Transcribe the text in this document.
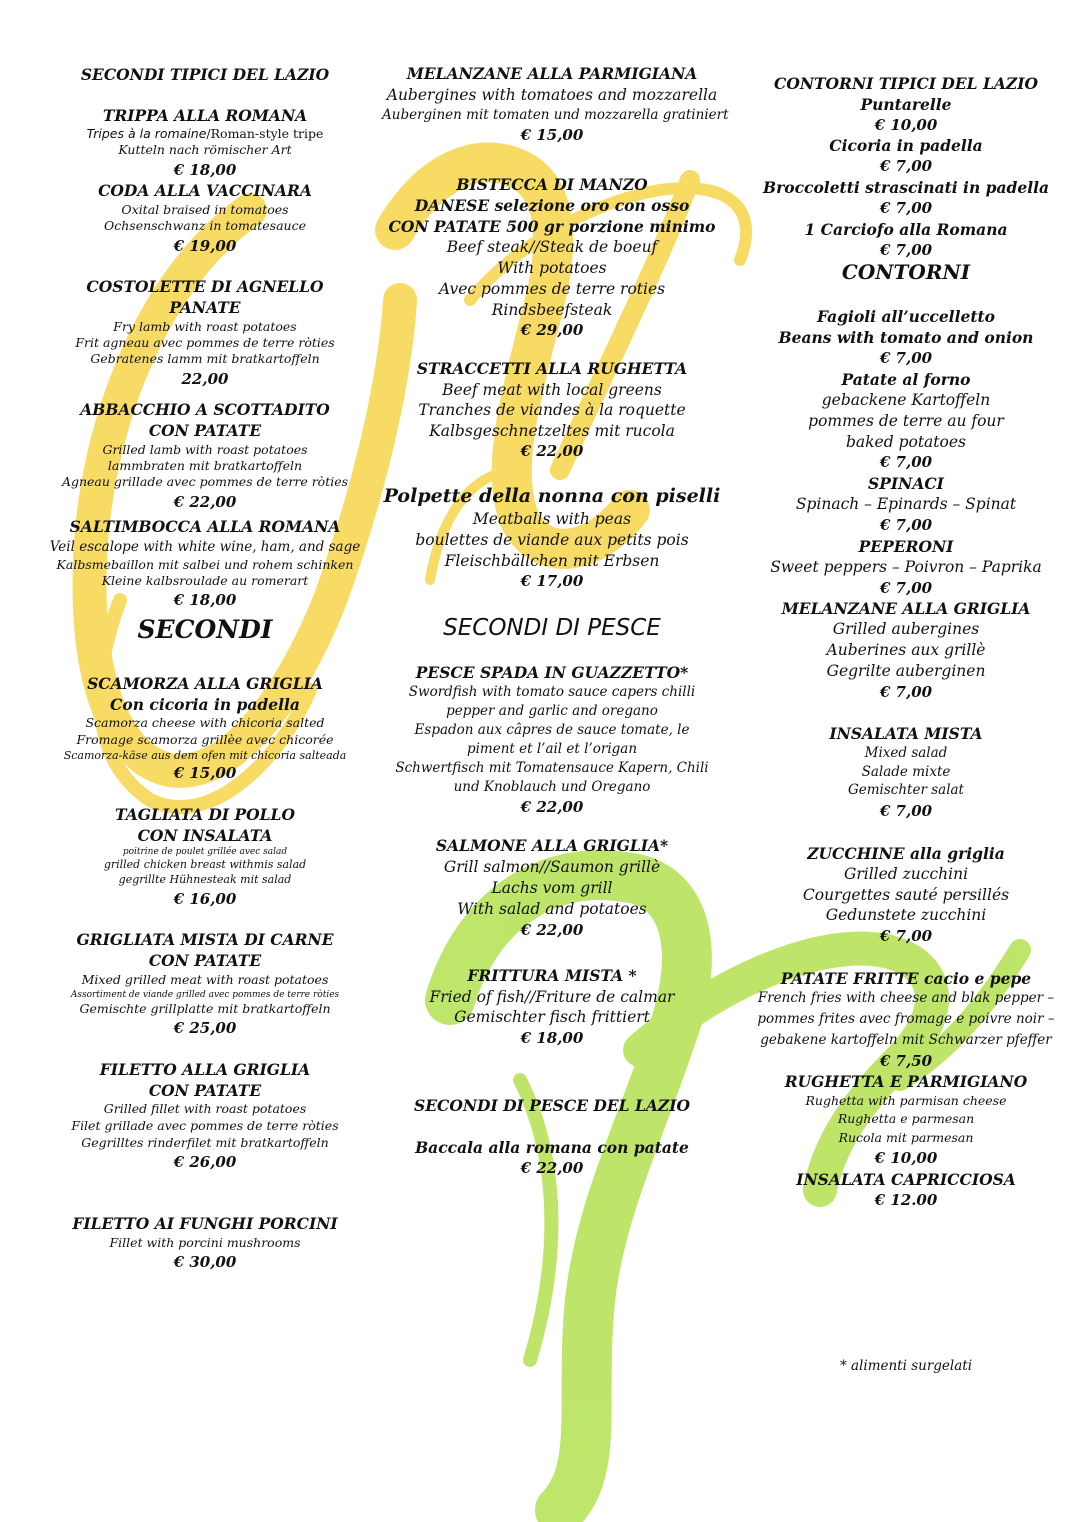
SECONDI TIPICI DEL LAZIO
TRIPPA ALLA ROMANA
Tripes à la romaine/Roman-style tripe
Kutteln nach römischer Art
€ 18,00
CODA ALLA VACCINARA
Oxital braised in tomatoes
Ochsenschwanz in tomatesauce
€ 19,00
COSTOLETTE DI AGNELLO
PANATE
Fry lamb with roast potatoes
Frit agneau avec pommes de terre ròties
Gebratenes lamm mit bratkartoffeln
22,00
ABBACCHIO A SCOTTADITO
CON PATATE
Grilled lamb with roast potatoes
lammbraten mit bratkartoffeln
Agneau grillade avec pommes de terre ròties
€ 22,00
SALTIMBOCCA ALLA ROMANA
Veil escalope with white wine, ham, and sage
Kalbsmebaillon mit salbei und rohem schinken
Kleine kalbsroulade au romerart
€ 18,00
SECONDI
SCAMORZA ALLA GRIGLIA
Con cicoria in padella
Scamorza cheese with chicoria salted
Fromage scamorza grillèe avec chicorée
Scamorza-käse aus dem ofen mit chicoria salteada
€ 15,00
TAGLIATA DI POLLO
CON INSALATA
poitrine de poulet grillée avec salad
grilled chicken breast withmis salad
gegrillte Hühnesteak mit salad
€ 16,00
GRIGLIATA MISTA DI CARNE
CON PATATE
Mixed grilled meat with roast potatoes
Assortiment de viande grilled avec pommes de terre ròties
Gemischte grillplatte mit bratkartoffeln
€ 25,00
FILETTO ALLA GRIGLIA
CON PATATE
Grilled fillet with roast potatoes
Filet grillade avec pommes de terre ròties
Gegrilltes rinderfilet mit bratkartoffeln
€ 26,00
FILETTO AI FUNGHI PORCINI
Fillet with porcini mushrooms
€ 30,00
MELANZANE ALLA PARMIGIANA
Aubergines with tomatoes and mozzarella
Auberginen mit tomaten und mozzarella gratiniert
€ 15,00
BISTECCA DI MANZO
DANESE selezione oro con osso
CON PATATE 500 gr porzione minimo
Beef steak//Steak de boeuf
With potatoes
Avec pommes de terre roties
Rindsbeefsteak
€ 29,00
STRACCETTI ALLA RUGHETTA
Beef meat with local greens
Tranches de viandes à la roquette
Kalbsgeschnetzeltes mit rucola
€ 22,00
Polpette della nonna con piselli
Meatballs with peas
boulettes de viande aux petits pois
Fleischbällchen mit Erbsen
€ 17,00
SECONDI DI PESCE
PESCE SPADA IN GUAZZETTO*
Swordfish with tomato sauce capers chilli
pepper and garlic and oregano
Espadon aux câpres de sauce tomate, le
piment et l’ail et l’origan
Schwertfisch mit Tomatensauce Kapern, Chili
und Knoblauch und Oregano
€ 22,00
SALMONE ALLA GRIGLIA*
Grill salmon//Saumon grillè
Lachs vom grill
With salad and potatoes
€ 22,00
FRITTURA MISTA *
Fried of fish//Friture de calmar
Gemischter fisch frittiert
€ 18,00
SECONDI DI PESCE DEL LAZIO
Baccala alla romana con patate
€ 22,00
CONTORNI TIPICI DEL LAZIO
Puntarelle
€ 10,00
Cicoria in padella
€ 7,00
Broccoletti strascinati in padella
€ 7,00
1 Carciofo alla Romana
€ 7,00
CONTORNI
Fagioli all’uccelletto
Beans with tomato and onion
€ 7,00
Patate al forno
gebackene Kartoffeln
pommes de terre au four
baked potatoes
€ 7,00
SPINACI
Spinach – Epinards – Spinat
€ 7,00
PEPERONI
Sweet peppers – Poivron – Paprika
€ 7,00
MELANZANE ALLA GRIGLIA
Grilled aubergines
Auberines aux grillè
Gegrilte auberginen
€ 7,00
INSALATA MISTA
Mixed salad
Salade mixte
Gemischter salat
€ 7,00
ZUCCHINE alla griglia
Grilled zucchini
Courgettes sauté persillés
Gedunstete zucchini
€ 7,00
PATATE FRITTE cacio e pepe
French fries with cheese and blak pepper –
pommes frites avec fromage e poivre noir –
gebakene kartoffeln mit Schwarzer pfeffer
€ 7,50
RUGHETTA E PARMIGIANO
Rughetta with parmisan cheese
Rughetta e parmesan
Rucola mit parmesan
€ 10,00
INSALATA CAPRICCIOSA
€ 12.00
* alimenti surgelati
